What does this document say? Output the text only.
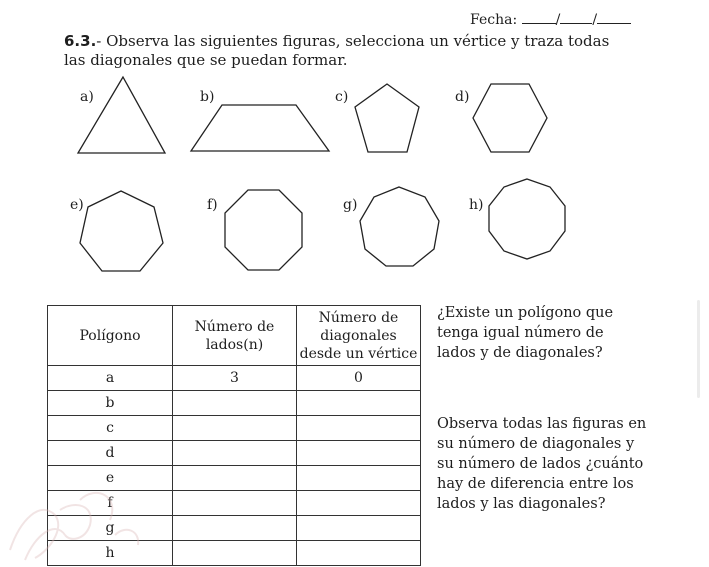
Fecha:	/ /
6.3.- Observa las siguientes figuras, selecciona un vértice y traza todas las diagonales que se puedan formar.
a)	b)	c)	d)
e)	f)	g)	h)
Polígono	Número de lados(n)	Número de diagonales desde un vértice
a	3	0
b		
c		
d		
e		
f		
g		
h		
¿Existe un polígono que tenga igual número de lados y de diagonales?
Observa todas las figuras en su número de diagonales y su número de lados ¿cuánto hay de diferencia entre los lados y las diagonales?
